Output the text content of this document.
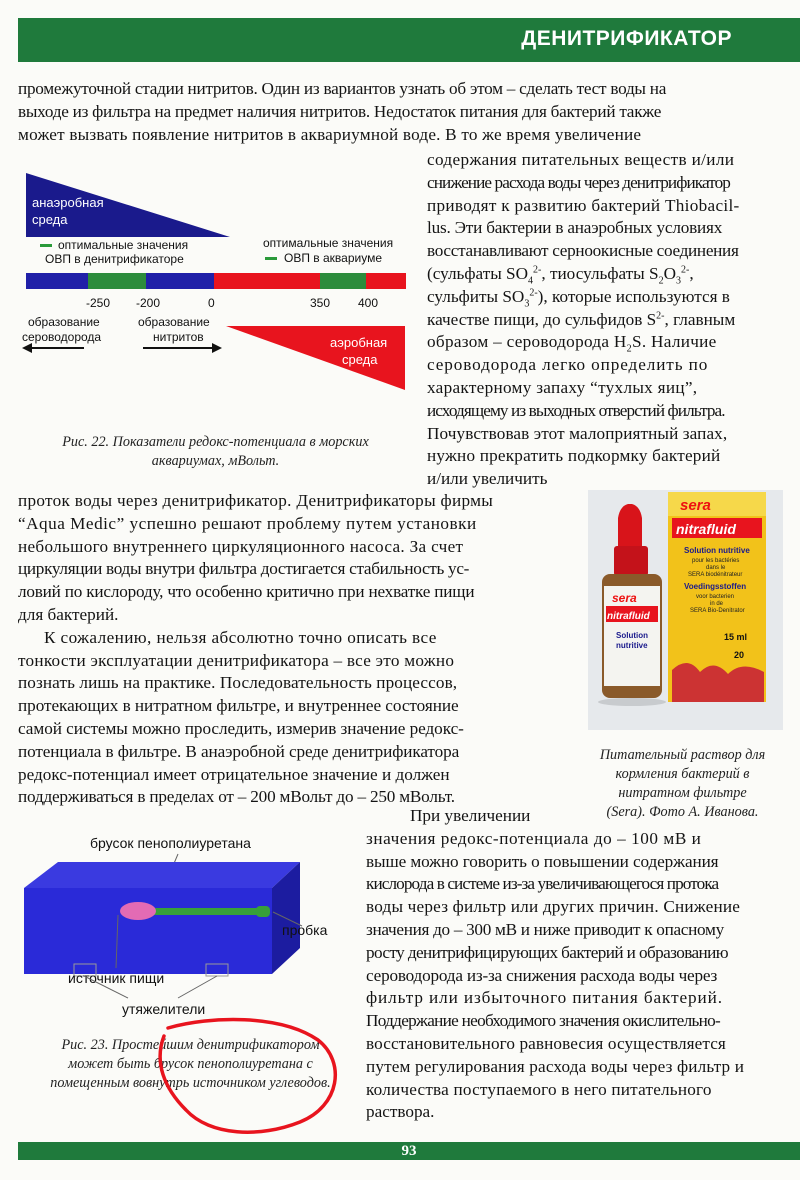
ДЕНИТРИФИКАТОР
промежуточной стадии нитритов. Один из вариантов узнать об этом – сделать тест воды на
выходе из фильтра на предмет наличия нитритов. Недостаток питания для бактерий также
может вызвать появление нитритов в аквариумной воде. В то же время увеличение
анаэробная
среда
оптимальные значения
ОВП в денитрификаторе
оптимальные значения
ОВП в аквариуме
-250 -200	0	350 400
образование
сероводорода
образование
нитритов	аэробная
среда
Рис. 22. Показатели редокс-потенциала в морских
аквариумах, мВольт.
содержания питательных веществ и/или
снижение расхода воды через денитрификатор
приводят к развитию бактерий Thiobacil-
lus. Эти бактерии в анаэробных условиях
восстанавливают серноокисные соединения
(сульфаты $SO_4^{2-}$, тиосульфаты $S_2O_3^{2-}$,
сульфиты $SO_3^{2-}$), которые используются в
качестве пищи, до сульфидов $S^{2-}$, главным
образом – сероводорода $H_2S$. Наличие
сероводорода легко определить по
характерному запаху “тухлых яиц”,
исходящему из выходных отверстий фильтра.
Почувствовав этот малоприятный запах,
нужно прекратить подкормку бактерий
и/или увеличить
проток воды через денитрификатор. Денитрификаторы фирмы
“Aqua Medic” успешно решают проблему путем установки
небольшого внутреннего циркуляционного насоса. За счет
циркуляции воды внутри фильтра достигается стабильность ус-
ловий по кислороду, что особенно критично при нехватке пищи
для бактерий.
К сожалению, нельзя абсолютно точно описать все
тонкости эксплуатации денитрификатора – все это можно
познать лишь на практике. Последовательность процессов,
протекающих в нитратном фильтре, и внутреннее состояние
самой системы можно проследить, измерив значение редокс-
потенциала в фильтре. В анаэробной среде денитрификатора
редокс-потенциал имеет отрицательное значение и должен
поддерживаться в пределах от – 200 мВольт до – 250 мВольт.
sera
nitrafluid
Solution nutritive
pour les bactéries
dans le
SERA biodénitrateur
Voedingsstoffen
voor bacterien
in de
SERA Bio-Denitrator
15 ml
20
sera
nitrafluid
Solution
nutritive
Питательный раствор для
кормления бактерий в
нитратном фильтре
(Sera). Фото А. Иванова.
При увеличении
значения редокс-потенциала до – 100 мВ и
выше можно говорить о повышении содержания
кислорода в системе из-за увеличивающегося протока
воды через фильтр или других причин. Снижение
значения до – 300 мВ и ниже приводит к опасному
росту денитрифицирующих бактерий и образованию
сероводорода из-за снижения расхода воды через
фильтр или избыточного питания бактерий.
Поддержание необходимого значения окислительно-
восстановительного равновесия осуществляется
путем регулирования расхода воды через фильтр и
количества поступаемого в него питательного
раствора.
брусок пенополиуретана
пробка
источник пищи
утяжелители
Рис. 23. Простейшим денитрификатором
может быть брусок пенополиуретана с
помещенным вовнутрь источником углеводов.
93
